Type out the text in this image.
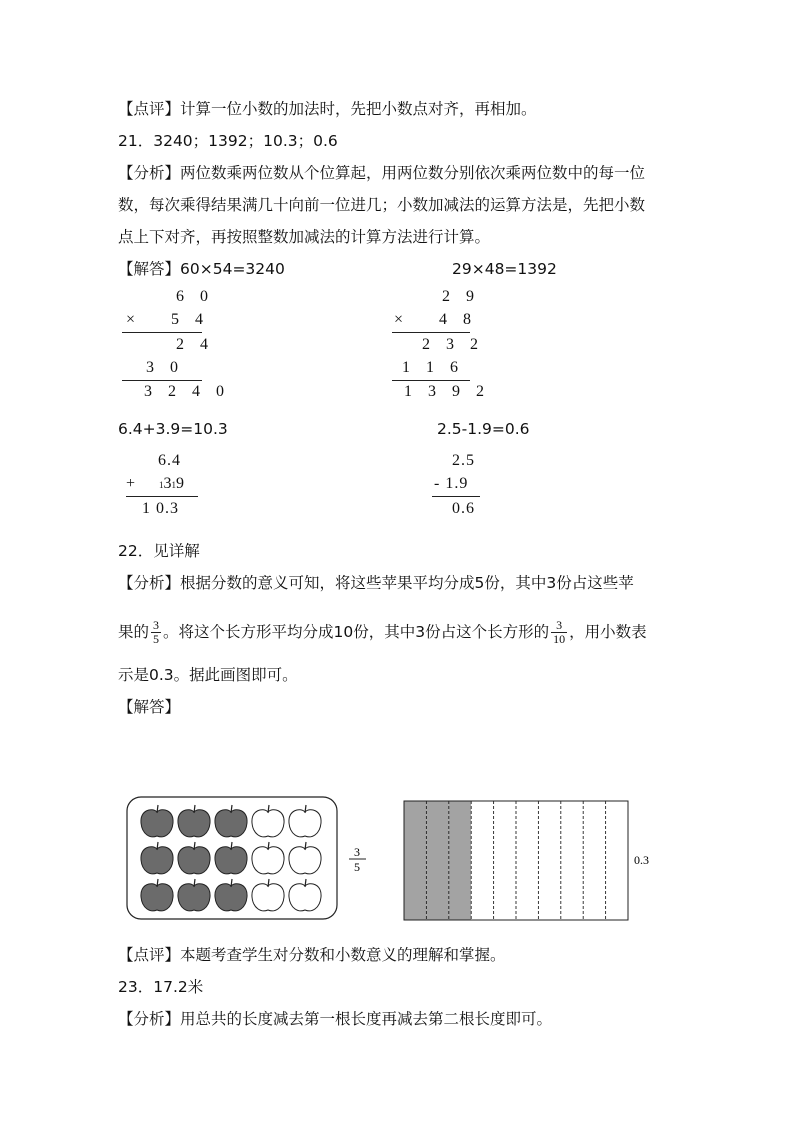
【点评】计算一位小数的加法时，先把小数点对齐，再相加。
21．3240；1392；10.3；0.6
【分析】两位数乘两位数从个位算起，用两位数分别依次乘两位数中的每一位
数，每次乘得结果满几十向前一位进几；小数加减法的运算方法是，先把小数
点上下对齐，再按照整数加减法的计算方法进行计算。
【解答】60×54=3240	29×48=1392
6 0
×   5 4
2 4
3 0
3 2 4 0
2 9
×   4 8
2 3 2
1 1 6
1 3 9 2
6.4+3.9=10.3	2.5-1.9=0.6
6.4
+	1319
1 0.3
2.5
- 1.9
0.6
22．见详解
【分析】根据分数的意义可知，将这些苹果平均分成5份，其中3份占这些苹
果的 $\frac{3}{5}$ 。将这个长方形平均分成10份，其中3份占这个长方形的 $\frac{3}{10}$ ，用小数表
示是0.3。据此画图即可。
【解答】
3
5	0.3
【点评】本题考查学生对分数和小数意义的理解和掌握。
23．17.2米
【分析】用总共的长度减去第一根长度再减去第二根长度即可。
